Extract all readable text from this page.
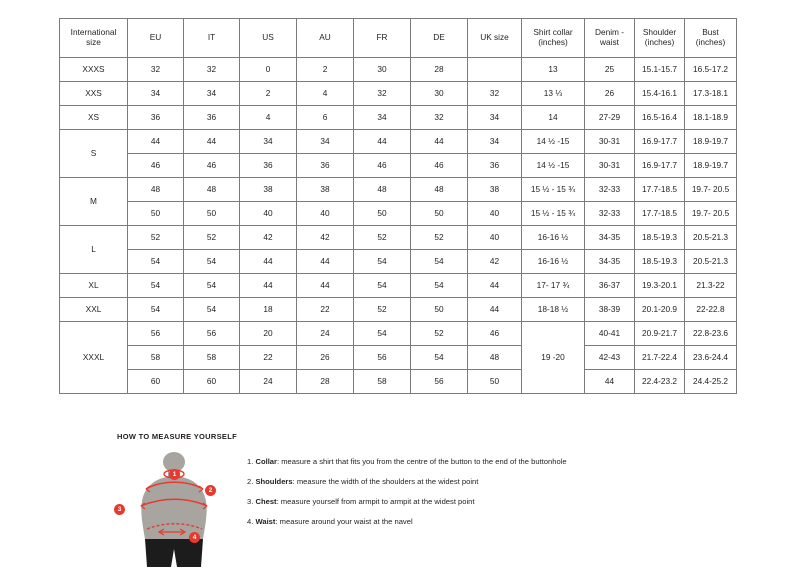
International size	EU	IT	US	AU	FR	DE	UK size	Shirt collar (inches)	Denim - waist	Shoulder (inches)	Bust (inches)
XXXS	32	32	0	2	30	28		13	25	15.1-15.7	16.5-17.2
XXS	34	34	2	4	32	30	32	13 ⅓	26	15.4-16.1	17.3-18.1
XS	36	36	4	6	34	32	34	14	27-29	16.5-16.4	18.1-18.9
S	44	44	34	34	44	44	34	14 ½ -15	30-31	16.9-17.7	18.9-19.7
	46	46	36	36	46	46	36	14 ½ -15	30-31	16.9-17.7	18.9-19.7
M	48	48	38	38	48	48	38	15 ½ - 15 ¾	32-33	17.7-18.5	19.7- 20.5
	50	50	40	40	50	50	40	15 ½ - 15 ¾	32-33	17.7-18.5	19.7- 20.5
L	52	52	42	42	52	52	40	16-16 ½	34-35	18.5-19.3	20.5-21.3
	54	54	44	44	54	54	42	16-16 ½	34-35	18.5-19.3	20.5-21.3
XL	54	54	44	44	54	54	44	17- 17 ¾	36-37	19.3-20.1	21.3-22
XXL	54	54	18	22	52	50	44	18-18 ½	38-39	20.1-20.9	22-22.8
XXXL	56	56	20	24	54	52	46	19 -20	40-41	20.9-21.7	22.8-23.6
	58	58	22	26	56	54	48		42-43	21.7-22.4	23.6-24.4
	60	60	24	28	58	56	50		44	22.4-23.2	24.4-25.2
HOW TO MEASURE YOURSELF
1
2
3
4
1. Collar: measure a shirt that fits you from the centre of the button to the end of the buttonhole
2. Shoulders: measure the width of the shoulders at the widest point
3. Chest: measure yourself from armpit to armpit at the widest point
4. Waist: measure around your waist at the navel
